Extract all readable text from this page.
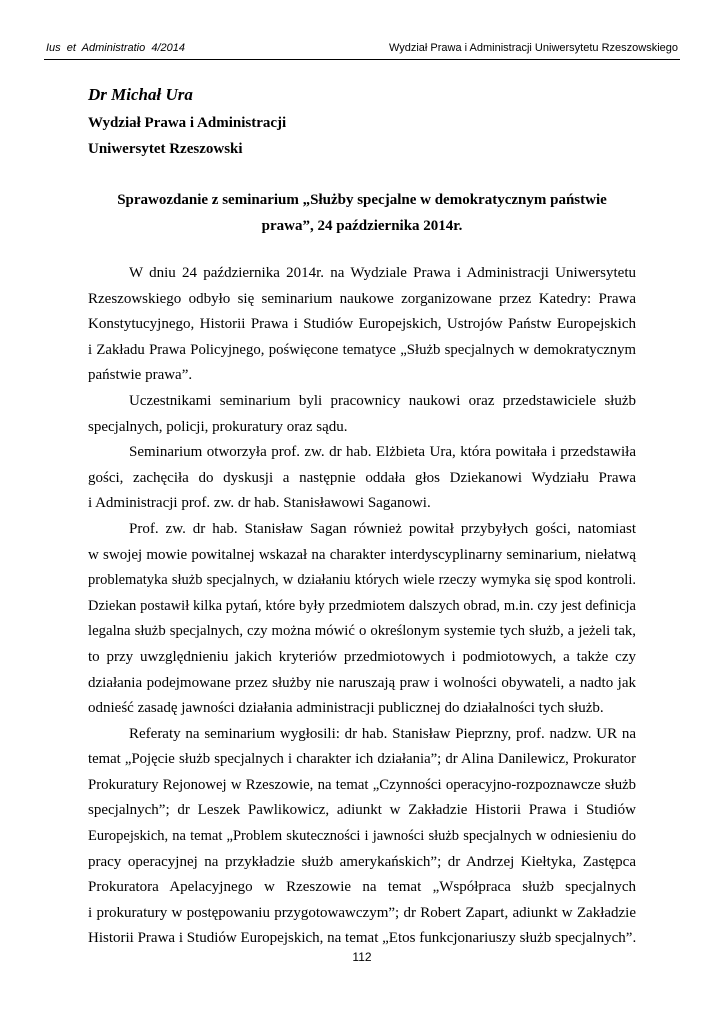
Ius  et  Administratio  4/2014	Wydział Prawa i Administracji Uniwersytetu Rzeszowskiego
Dr Michał Ura
Wydział Prawa i Administracji
Uniwersytet Rzeszowski
Sprawozdanie z seminarium „Służby specjalne w demokratycznym państwie
prawa”, 24 października 2014r.
W dniu 24 października 2014r. na Wydziale Prawa i Administracji Uniwersytetu
Rzeszowskiego odbyło się seminarium naukowe zorganizowane przez Katedry: Prawa
Konstytucyjnego, Historii Prawa i Studiów Europejskich, Ustrojów Państw Europejskich
i Zakładu Prawa Policyjnego, poświęcone tematyce „Służb specjalnych w demokratycznym
państwie prawa”.
Uczestnikami seminarium byli pracownicy naukowi oraz przedstawiciele służb
specjalnych, policji, prokuratury oraz sądu.
Seminarium otworzyła prof. zw. dr hab. Elżbieta Ura, która powitała i przedstawiła
gości, zachęciła do dyskusji a następnie oddała głos Dziekanowi Wydziału Prawa
i Administracji prof. zw. dr hab. Stanisławowi Saganowi.
Prof. zw. dr hab. Stanisław Sagan również powitał przybyłych gości, natomiast
w swojej mowie powitalnej wskazał na charakter interdyscyplinarny seminarium, niełatwą
problematyka służb specjalnych, w działaniu których wiele rzeczy wymyka się spod kontroli.
Dziekan postawił kilka pytań, które były przedmiotem dalszych obrad, m.in. czy jest definicja
legalna służb specjalnych, czy można mówić o określonym systemie tych służb, a jeżeli tak,
to przy uwzględnieniu jakich kryteriów przedmiotowych i podmiotowych, a także czy
działania podejmowane przez służby nie naruszają praw i wolności obywateli, a nadto jak
odnieść zasadę jawności działania administracji publicznej do działalności tych służb.
Referaty na seminarium wygłosili: dr hab. Stanisław Pieprzny, prof. nadzw. UR na
temat „Pojęcie służb specjalnych i charakter ich działania”; dr Alina Danilewicz, Prokurator
Prokuratury Rejonowej w Rzeszowie, na temat „Czynności operacyjno-rozpoznawcze służb
specjalnych”; dr Leszek Pawlikowicz, adiunkt w Zakładzie Historii Prawa i Studiów
Europejskich, na temat „Problem skuteczności i jawności służb specjalnych w odniesieniu do
pracy operacyjnej na przykładzie służb amerykańskich”; dr Andrzej Kiełtyka, Zastępca
Prokuratora Apelacyjnego w Rzeszowie na temat „Współpraca służb specjalnych
i prokuratury w postępowaniu przygotowawczym”; dr Robert Zapart, adiunkt w Zakładzie
Historii Prawa i Studiów Europejskich, na temat „Etos funkcjonariuszy służb specjalnych”.
112
